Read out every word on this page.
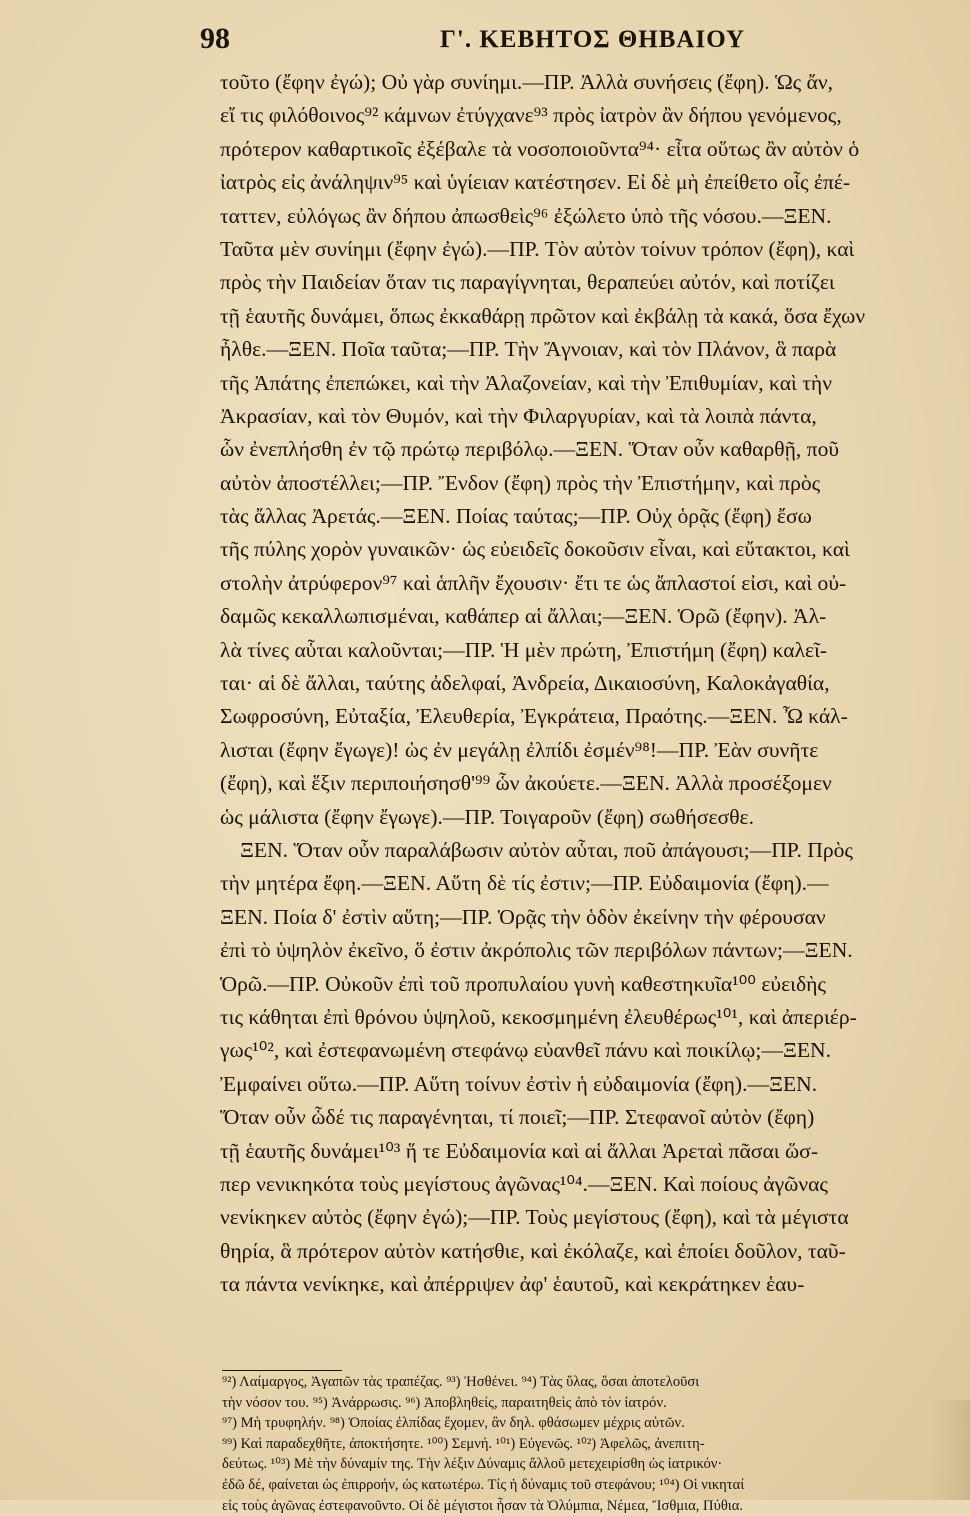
98	Γ'. ΚΕΒΗΤΟΣ ΘΗΒΑΙΟΥ
τοῦτο (ἔφην ἐγώ); Οὐ γὰρ συνίημι.—ΠΡ. Ἀλλὰ συνήσεις (ἔφη). Ὡς ἄν,
εἴ τις φιλόθοινος⁹² κάμνων ἐτύγχανε⁹³ πρὸς ἰατρὸν ἂν δήπου γενόμενος,
πρότερον καθαρτικοῖς ἐξέβαλε τὰ νοσοποιοῦντα⁹⁴· εἶτα οὕτως ἂν αὐτὸν ὁ
ἰατρὸς εἰς ἀνάληψιν⁹⁵ καὶ ὑγίειαν κατέστησεν. Εἰ δὲ μὴ ἐπείθετο οἷς ἐπέ-
ταττεν, εὐλόγως ἂν δήπου ἀπωσθεὶς⁹⁶ ἐξώλετο ὑπὸ τῆς νόσου.—ΞΕΝ.
Ταῦτα μὲν συνίημι (ἔφην ἐγώ).—ΠΡ. Τὸν αὐτὸν τοίνυν τρόπον (ἔφη), καὶ
πρὸς τὴν Παιδείαν ὅταν τις παραγίγνηται, θεραπεύει αὐτόν, καὶ ποτίζει
τῇ ἑαυτῆς δυνάμει, ὅπως ἐκκαθάρῃ πρῶτον καὶ ἐκβάλῃ τὰ κακά, ὅσα ἔχων
ἦλθε.—ΞΕΝ. Ποῖα ταῦτα;—ΠΡ. Τὴν Ἄγνοιαν, καὶ τὸν Πλάνον, ἃ παρὰ
τῆς Ἀπάτης ἐπεπώκει, καὶ τὴν Ἀλαζονείαν, καὶ τὴν Ἐπιθυμίαν, καὶ τὴν
Ἀκρασίαν, καὶ τὸν Θυμόν, καὶ τὴν Φιλαργυρίαν, καὶ τὰ λοιπὰ πάντα,
ὧν ἐνεπλήσθη ἐν τῷ πρώτῳ περιβόλῳ.—ΞΕΝ. Ὅταν οὖν καθαρθῇ, ποῦ
αὐτὸν ἀποστέλλει;—ΠΡ. Ἔνδον (ἔφη) πρὸς τὴν Ἐπιστήμην, καὶ πρὸς
τὰς ἄλλας Ἀρετάς.—ΞΕΝ. Ποίας ταύτας;—ΠΡ. Οὐχ ὁρᾷς (ἔφη) ἔσω
τῆς πύλης χορὸν γυναικῶν· ὡς εὐειδεῖς δοκοῦσιν εἶναι, καὶ εὔτακτοι, καὶ
στολὴν ἀτρύφερον⁹⁷ καὶ ἁπλῆν ἔχουσιν· ἔτι τε ὡς ἄπλαστοί εἰσι, καὶ οὐ-
δαμῶς κεκαλλωπισμέναι, καθάπερ αἱ ἄλλαι;—ΞΕΝ. Ὁρῶ (ἔφην). Ἀλ-
λὰ τίνες αὗται καλοῦνται;—ΠΡ. Ἡ μὲν πρώτη, Ἐπιστήμη (ἔφη) καλεῖ-
ται· αἱ δὲ ἄλλαι, ταύτης ἀδελφαί, Ἀνδρεία, Δικαιοσύνη, Καλοκἀγαθία,
Σωφροσύνη, Εὐταξία, Ἐλευθερία, Ἐγκράτεια, Πραότης.—ΞΕΝ. Ὦ κάλ-
λισται (ἔφην ἔγωγε)! ὡς ἐν μεγάλῃ ἐλπίδι ἐσμέν⁹⁸!—ΠΡ. Ἐὰν συνῆτε
(ἔφη), καὶ ἕξιν περιποιήσησθ'⁹⁹ ὧν ἀκούετε.—ΞΕΝ. Ἀλλὰ προσέξομεν
ὡς μάλιστα (ἔφην ἔγωγε).—ΠΡ. Τοιγαροῦν (ἔφη) σωθήσεσθε.
ΞΕΝ. Ὅταν οὖν παραλάβωσιν αὐτὸν αὗται, ποῦ ἀπάγουσι;—ΠΡ. Πρὸς
τὴν μητέρα ἔφη.—ΞΕΝ. Αὕτη δὲ τίς ἐστιν;—ΠΡ. Εὐδαιμονία (ἔφη).—
ΞΕΝ. Ποία δ' ἐστὶν αὕτη;—ΠΡ. Ὁρᾷς τὴν ὁδὸν ἐκείνην τὴν φέρουσαν
ἐπὶ τὸ ὑψηλὸν ἐκεῖνο, ὅ ἐστιν ἀκρόπολις τῶν περιβόλων πάντων;—ΞΕΝ.
Ὁρῶ.—ΠΡ. Οὐκοῦν ἐπὶ τοῦ προπυλαίου γυνὴ καθεστηκυῖα¹⁰⁰ εὐειδὴς
τις κάθηται ἐπὶ θρόνου ὑψηλοῦ, κεκοσμημένη ἐλευθέρως¹⁰¹, καὶ ἀπεριέρ-
γως¹⁰², καὶ ἐστεφανωμένη στεφάνῳ εὐανθεῖ πάνυ καὶ ποικίλῳ;—ΞΕΝ.
Ἐμφαίνει οὕτω.—ΠΡ. Αὕτη τοίνυν ἐστὶν ἡ εὐδαιμονία (ἔφη).—ΞΕΝ.
Ὅταν οὖν ὧδέ τις παραγένηται, τί ποιεῖ;—ΠΡ. Στεφανοῖ αὐτὸν (ἔφη)
τῇ ἑαυτῆς δυνάμει¹⁰³ ἥ τε Εὐδαιμονία καὶ αἱ ἄλλαι Ἀρεταὶ πᾶσαι ὥσ-
περ νενικηκότα τοὺς μεγίστους ἀγῶνας¹⁰⁴.—ΞΕΝ. Καὶ ποίους ἀγῶνας
νενίκηκεν αὐτὸς (ἔφην ἐγώ);—ΠΡ. Τοὺς μεγίστους (ἔφη), καὶ τὰ μέγιστα
θηρία, ἃ πρότερον αὐτὸν κατήσθιε, καὶ ἐκόλαζε, καὶ ἐποίει δοῦλον, ταῦ-
τα πάντα νενίκηκε, καὶ ἀπέρριψεν ἀφ' ἑαυτοῦ, καὶ κεκράτηκεν ἑαυ-
⁹²) Λαίμαργος, Ἀγαπῶν τὰς τραπέζας. ⁹³) Ἠσθένει. ⁹⁴) Τὰς ὕλας, ὅσαι ἀποτελοῦσι
τὴν νόσον του. ⁹⁵) Ἀνάρρωσις. ⁹⁶) Ἀποβληθείς, παραιτηθεὶς ἀπὸ τὸν ἰατρόν.
⁹⁷) Μὴ τρυφηλήν. ⁹⁸) Ὁποίας ἐλπίδας ἔχομεν, ἂν δηλ. φθάσωμεν μέχρις αὐτῶν.
⁹⁹) Καὶ παραδεχθῆτε, ἀποκτήσητε. ¹⁰⁰) Σεμνή. ¹⁰¹) Εὐγενῶς. ¹⁰²) Ἀφελῶς, ἀνεπιτη-
δεύτως. ¹⁰³) Μὲ τὴν δύναμίν της. Τὴν λέξιν Δύναμις ἄλλοῦ μετεχειρίσθη ὡς ἰατρικόν·
ἐδῶ δέ, φαίνεται ὡς ἐπιρροήν, ὡς κατωτέρω. Τίς ἡ δύναμις τοῦ στεφάνου; ¹⁰⁴) Οἱ νικηταί
εἰς τοὺς ἀγῶνας ἐστεφανοῦντο. Οἱ δὲ μέγιστοι ἦσαν τὰ Ὀλύμπια, Νέμεα, Ἴσθμια, Πύθια.
